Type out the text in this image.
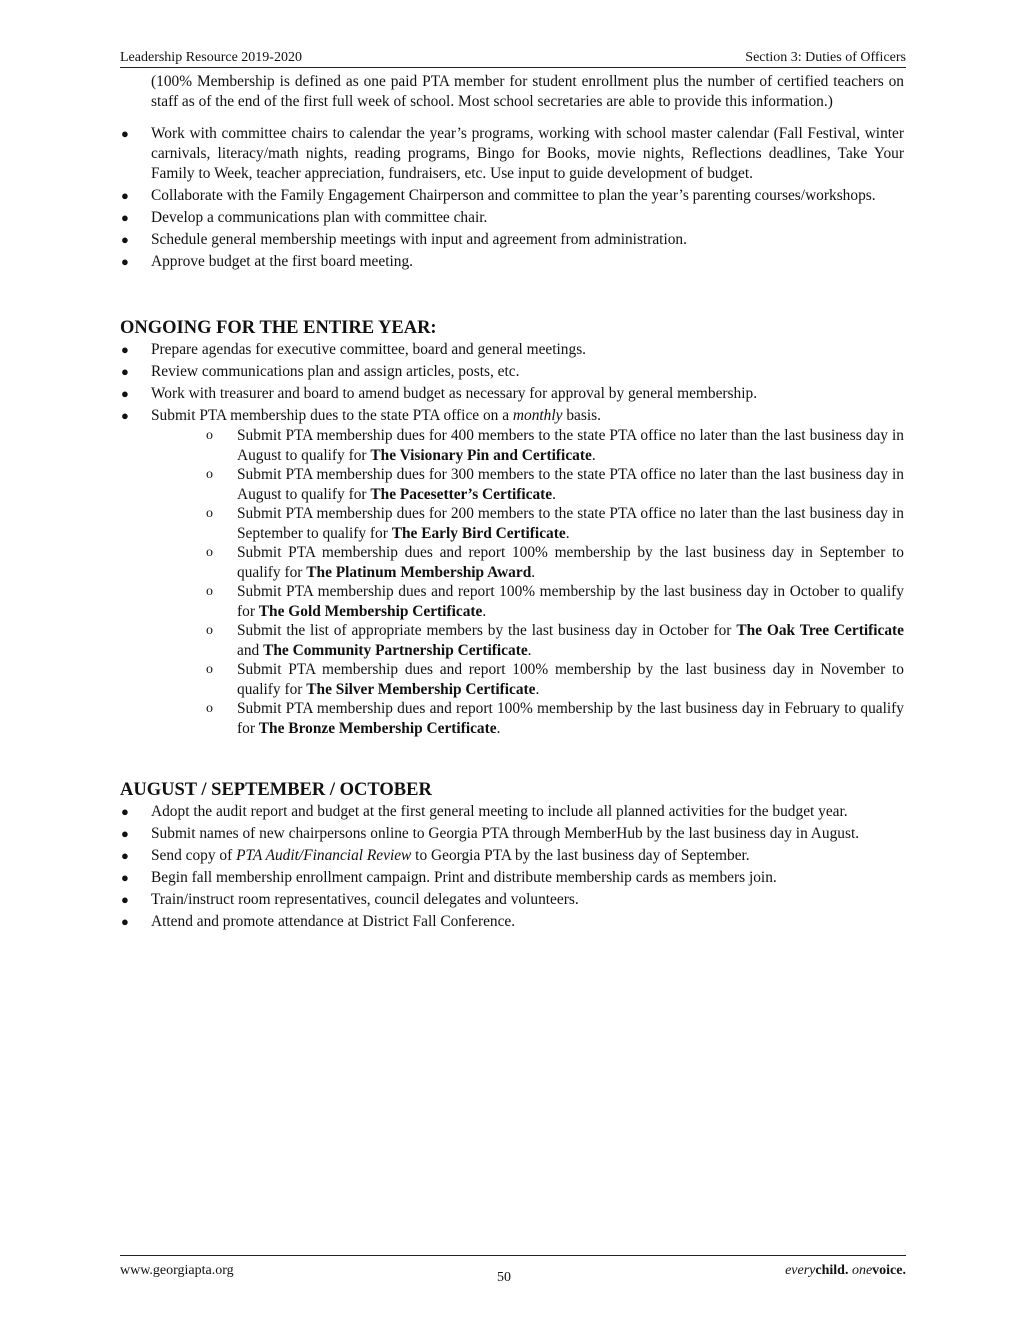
Leadership Resource 2019-2020	Section 3: Duties of Officers

(100% Membership is defined as one paid PTA member for student enrollment plus the number of certified teachers on staff as of the end of the first full week of school. Most school secretaries are able to provide this information.)

● Work with committee chairs to calendar the year’s programs, working with school master calendar (Fall Festival, winter carnivals, literacy/math nights, reading programs, Bingo for Books, movie nights, Reflections deadlines, Take Your Family to Week, teacher appreciation, fundraisers, etc. Use input to guide development of budget.
● Collaborate with the Family Engagement Chairperson and committee to plan the year’s parenting courses/workshops.
● Develop a communications plan with committee chair.
● Schedule general membership meetings with input and agreement from administration.
● Approve budget at the first board meeting.
ONGOING FOR THE ENTIRE YEAR:
● Prepare agendas for executive committee, board and general meetings.
● Review communications plan and assign articles, posts, etc.
● Work with treasurer and board to amend budget as necessary for approval by general membership.
● Submit PTA membership dues to the state PTA office on a monthly basis.
o Submit PTA membership dues for 400 members to the state PTA office no later than the last business day in August to qualify for The Visionary Pin and Certificate.
o Submit PTA membership dues for 300 members to the state PTA office no later than the last business day in August to qualify for The Pacesetter’s Certificate.
o Submit PTA membership dues for 200 members to the state PTA office no later than the last business day in September to qualify for The Early Bird Certificate.
o Submit PTA membership dues and report 100% membership by the last business day in September to qualify for The Platinum Membership Award.
o Submit PTA membership dues and report 100% membership by the last business day in October to qualify for The Gold Membership Certificate.
o Submit the list of appropriate members by the last business day in October for The Oak Tree Certificate and The Community Partnership Certificate.
o Submit PTA membership dues and report 100% membership by the last business day in November to qualify for The Silver Membership Certificate.
o Submit PTA membership dues and report 100% membership by the last business day in February to qualify for The Bronze Membership Certificate.
AUGUST / SEPTEMBER / OCTOBER
● Adopt the audit report and budget at the first general meeting to include all planned activities for the budget year.
● Submit names of new chairpersons online to Georgia PTA through MemberHub by the last business day in August.
● Send copy of PTA Audit/Financial Review to Georgia PTA by the last business day of September.
● Begin fall membership enrollment campaign. Print and distribute membership cards as members join.
● Train/instruct room representatives, council delegates and volunteers.
● Attend and promote attendance at District Fall Conference.
www.georgiapta.org	50	everychild. onevoice.
